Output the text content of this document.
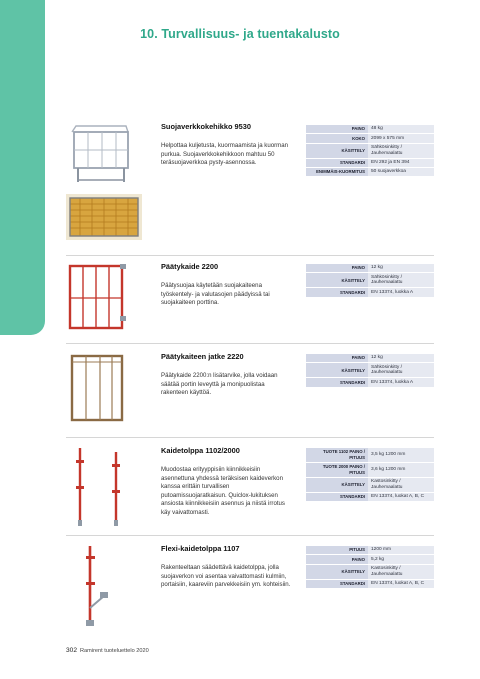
10. Turvallisuus- ja tuentakalusto
Suojaverkkokehikko 9530
Helpottaa kuljetusta, kuormaamista ja kuorman purkua. Suojaverkkokehikkoon mahtuu 50 teräsuojaverkkoa pysty-asennossa.
PAINO	48 kg
KOKO	2099 x 575 mm
KÄSITTELY	Sähkösinkitty / Jauhemaalattu
STANDARDI	EN 292 ja EN 394
ENIMMÄIS-KUORMITUS	50 suojaverkkoa
Päätykaide 2200
Päätysuojaa käytetään suojakaiteena työskentely- ja valutasojen päädyissä tai suojakaiteen porttina.
PAINO	12 kg
KÄSITTELY	Sähkösinkitty / Jauhemaalattu
STANDARDI	EN 13374, luokka A
Päätykaiteen jatke 2220
Päätykaide 2200:n lisätarvike, jolla voidaan säätää portin leveyttä ja monipuolistaa rakenteen käyttöä.
PAINO	12 kg
KÄSITTELY	Sähkösinkitty / Jauhemaalattu
STANDARDI	EN 13374, luokka A
Kaidetolppa 1102/2000
Muodostaa erityyppisiin kiinnikkeisiin asennettuna yhdessä teräksisen kaideverkon kanssa erittäin turvallisen putoamissuojaratkaisun. Quiclox-lukituksen ansiosta kiinnikkeisiin asennus ja niistä irrotus käy vaivattomasti.
TUOTE 1102 PAINO / PITUUS	3,5 kg 1200 mm
TUOTE 2000 PAINO / PITUUS	3,6 kg 1200 mm
KÄSITTELY	Kastosinkitty / Jauhemaalattu
STANDARDI	EN 13374, luokat A, B, C
Flexi-kaidetolppa 1107
Rakenteeltaan säädettävä kaidetolppa, jolla suojaverkon voi asentaa vaivattomasti kulmiin, portaisiin, kaareviin parvekkeisiin ym. kohteisiin.
PITUUS	1200 mm
PAINO	5,2 kg
KÄSITTELY	Kastosinkitty / Jauhemaalattu
STANDARDI	EN 13374, luokat A, B, C
302 Ramirent tuoteluettelo 2020
